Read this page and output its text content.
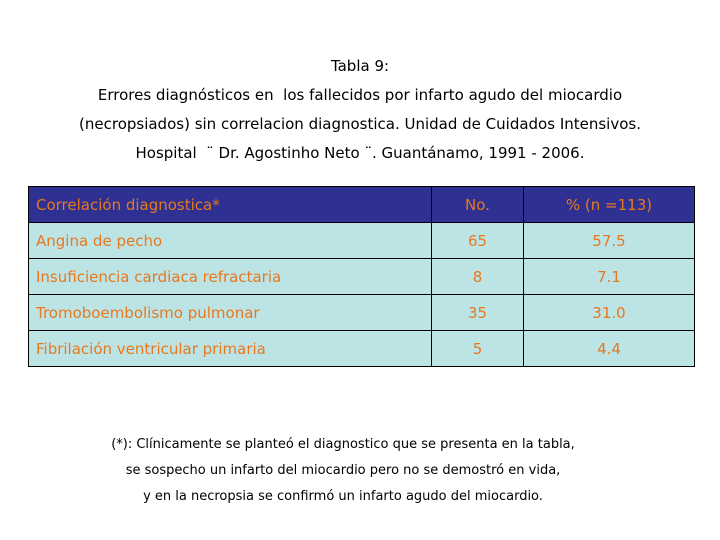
Tabla 9:
Errores diagnósticos en  los fallecidos por infarto agudo del miocardio
(necropsiados) sin correlacion diagnostica. Unidad de Cuidados Intensivos.
Hospital  ¨ Dr. Agostinho Neto ¨. Guantánamo, 1991 - 2006.
Correlación diagnostica*	No.	% (n =113)
Angina de pecho	65	57.5
Insuficiencia cardiaca refractaria	8	7.1
Tromoboembolismo pulmonar	35	31.0
Fibrilación ventricular primaria	5	4.4
(*): Clínicamente se planteó el diagnostico que se presenta en la tabla,
se sospecho un infarto del miocardio pero no se demostró en vida,
y en la necropsia se confirmó un infarto agudo del miocardio.
